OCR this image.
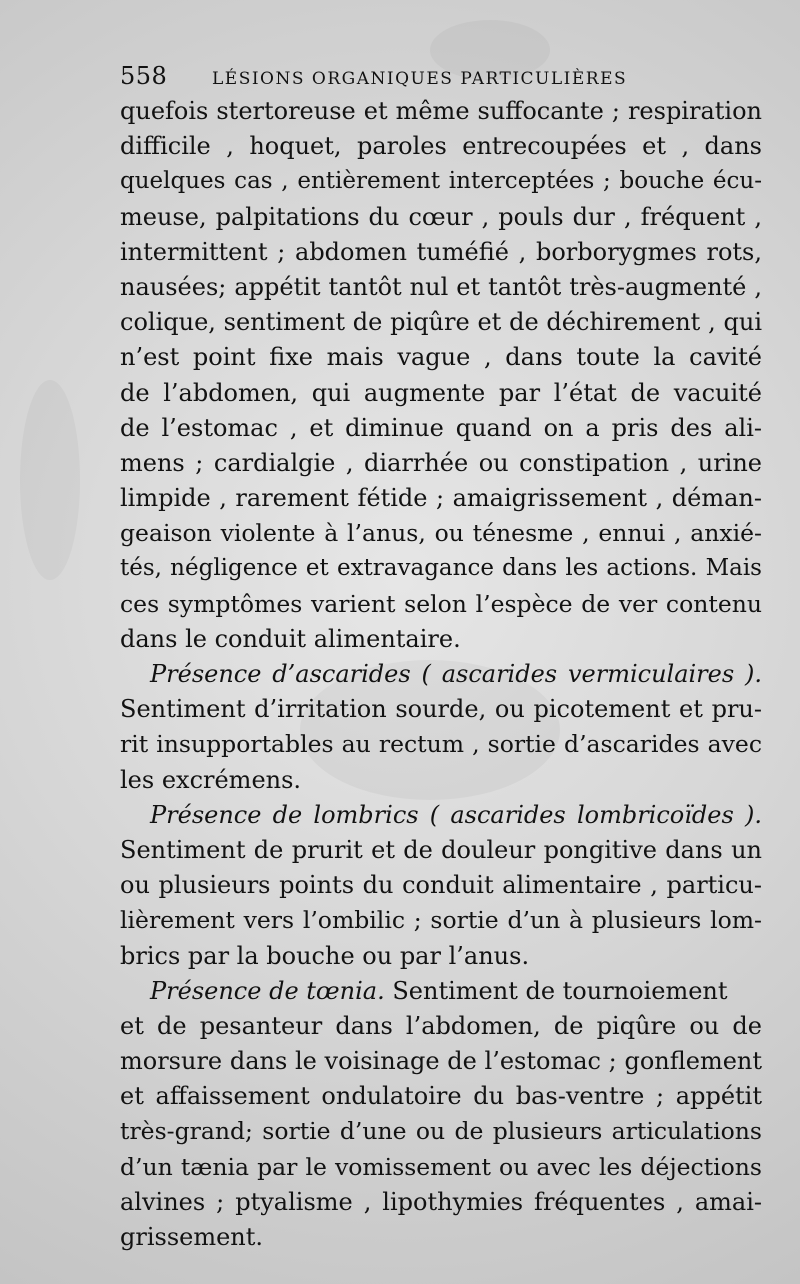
558	LÉSIONS ORGANIQUES PARTICULIÈRES
quefois stertoreuse et même suffocante ; respiration
difficile , hoquet, paroles entrecoupées et , dans
quelques cas , entièrement interceptées ; bouche écu-
meuse, palpitations du cœur , pouls dur , fréquent ,
intermittent ; abdomen tuméfié , borborygmes rots,
nausées; appétit tantôt nul et tantôt très-augmenté ,
colique, sentiment de piqûre et de déchirement , qui
n’est point fixe mais vague , dans toute la cavité
de l’abdomen, qui augmente par l’état de vacuité
de l’estomac , et diminue quand on a pris des ali-
mens ; cardialgie , diarrhée ou constipation , urine
limpide , rarement fétide ; amaigrissement , déman-
geaison violente à l’anus, ou ténesme , ennui , anxié-
tés, négligence et extravagance dans les actions. Mais
ces symptômes varient selon l’espèce de ver contenu
dans le conduit alimentaire.
Présence d’ascarides ( ascarides vermiculaires ).
Sentiment d’irritation sourde, ou picotement et pru-
rit insupportables au rectum , sortie d’ascarides avec
les excrémens.
Présence de lombrics ( ascarides lombricoïdes ).
Sentiment de prurit et de douleur pongitive dans un
ou plusieurs points du conduit alimentaire , particu-
lièrement vers l’ombilic ; sortie d’un à plusieurs lom-
brics par la bouche ou par l’anus.
Présence de tœnia. Sentiment de tournoiement
et de pesanteur dans l’abdomen, de piqûre ou de
morsure dans le voisinage de l’estomac ; gonflement
et affaissement ondulatoire du bas-ventre ; appétit
très-grand; sortie d’une ou de plusieurs articulations
d’un tænia par le vomissement ou avec les déjections
alvines ; ptyalisme , lipothymies fréquentes , amai-
grissement.
